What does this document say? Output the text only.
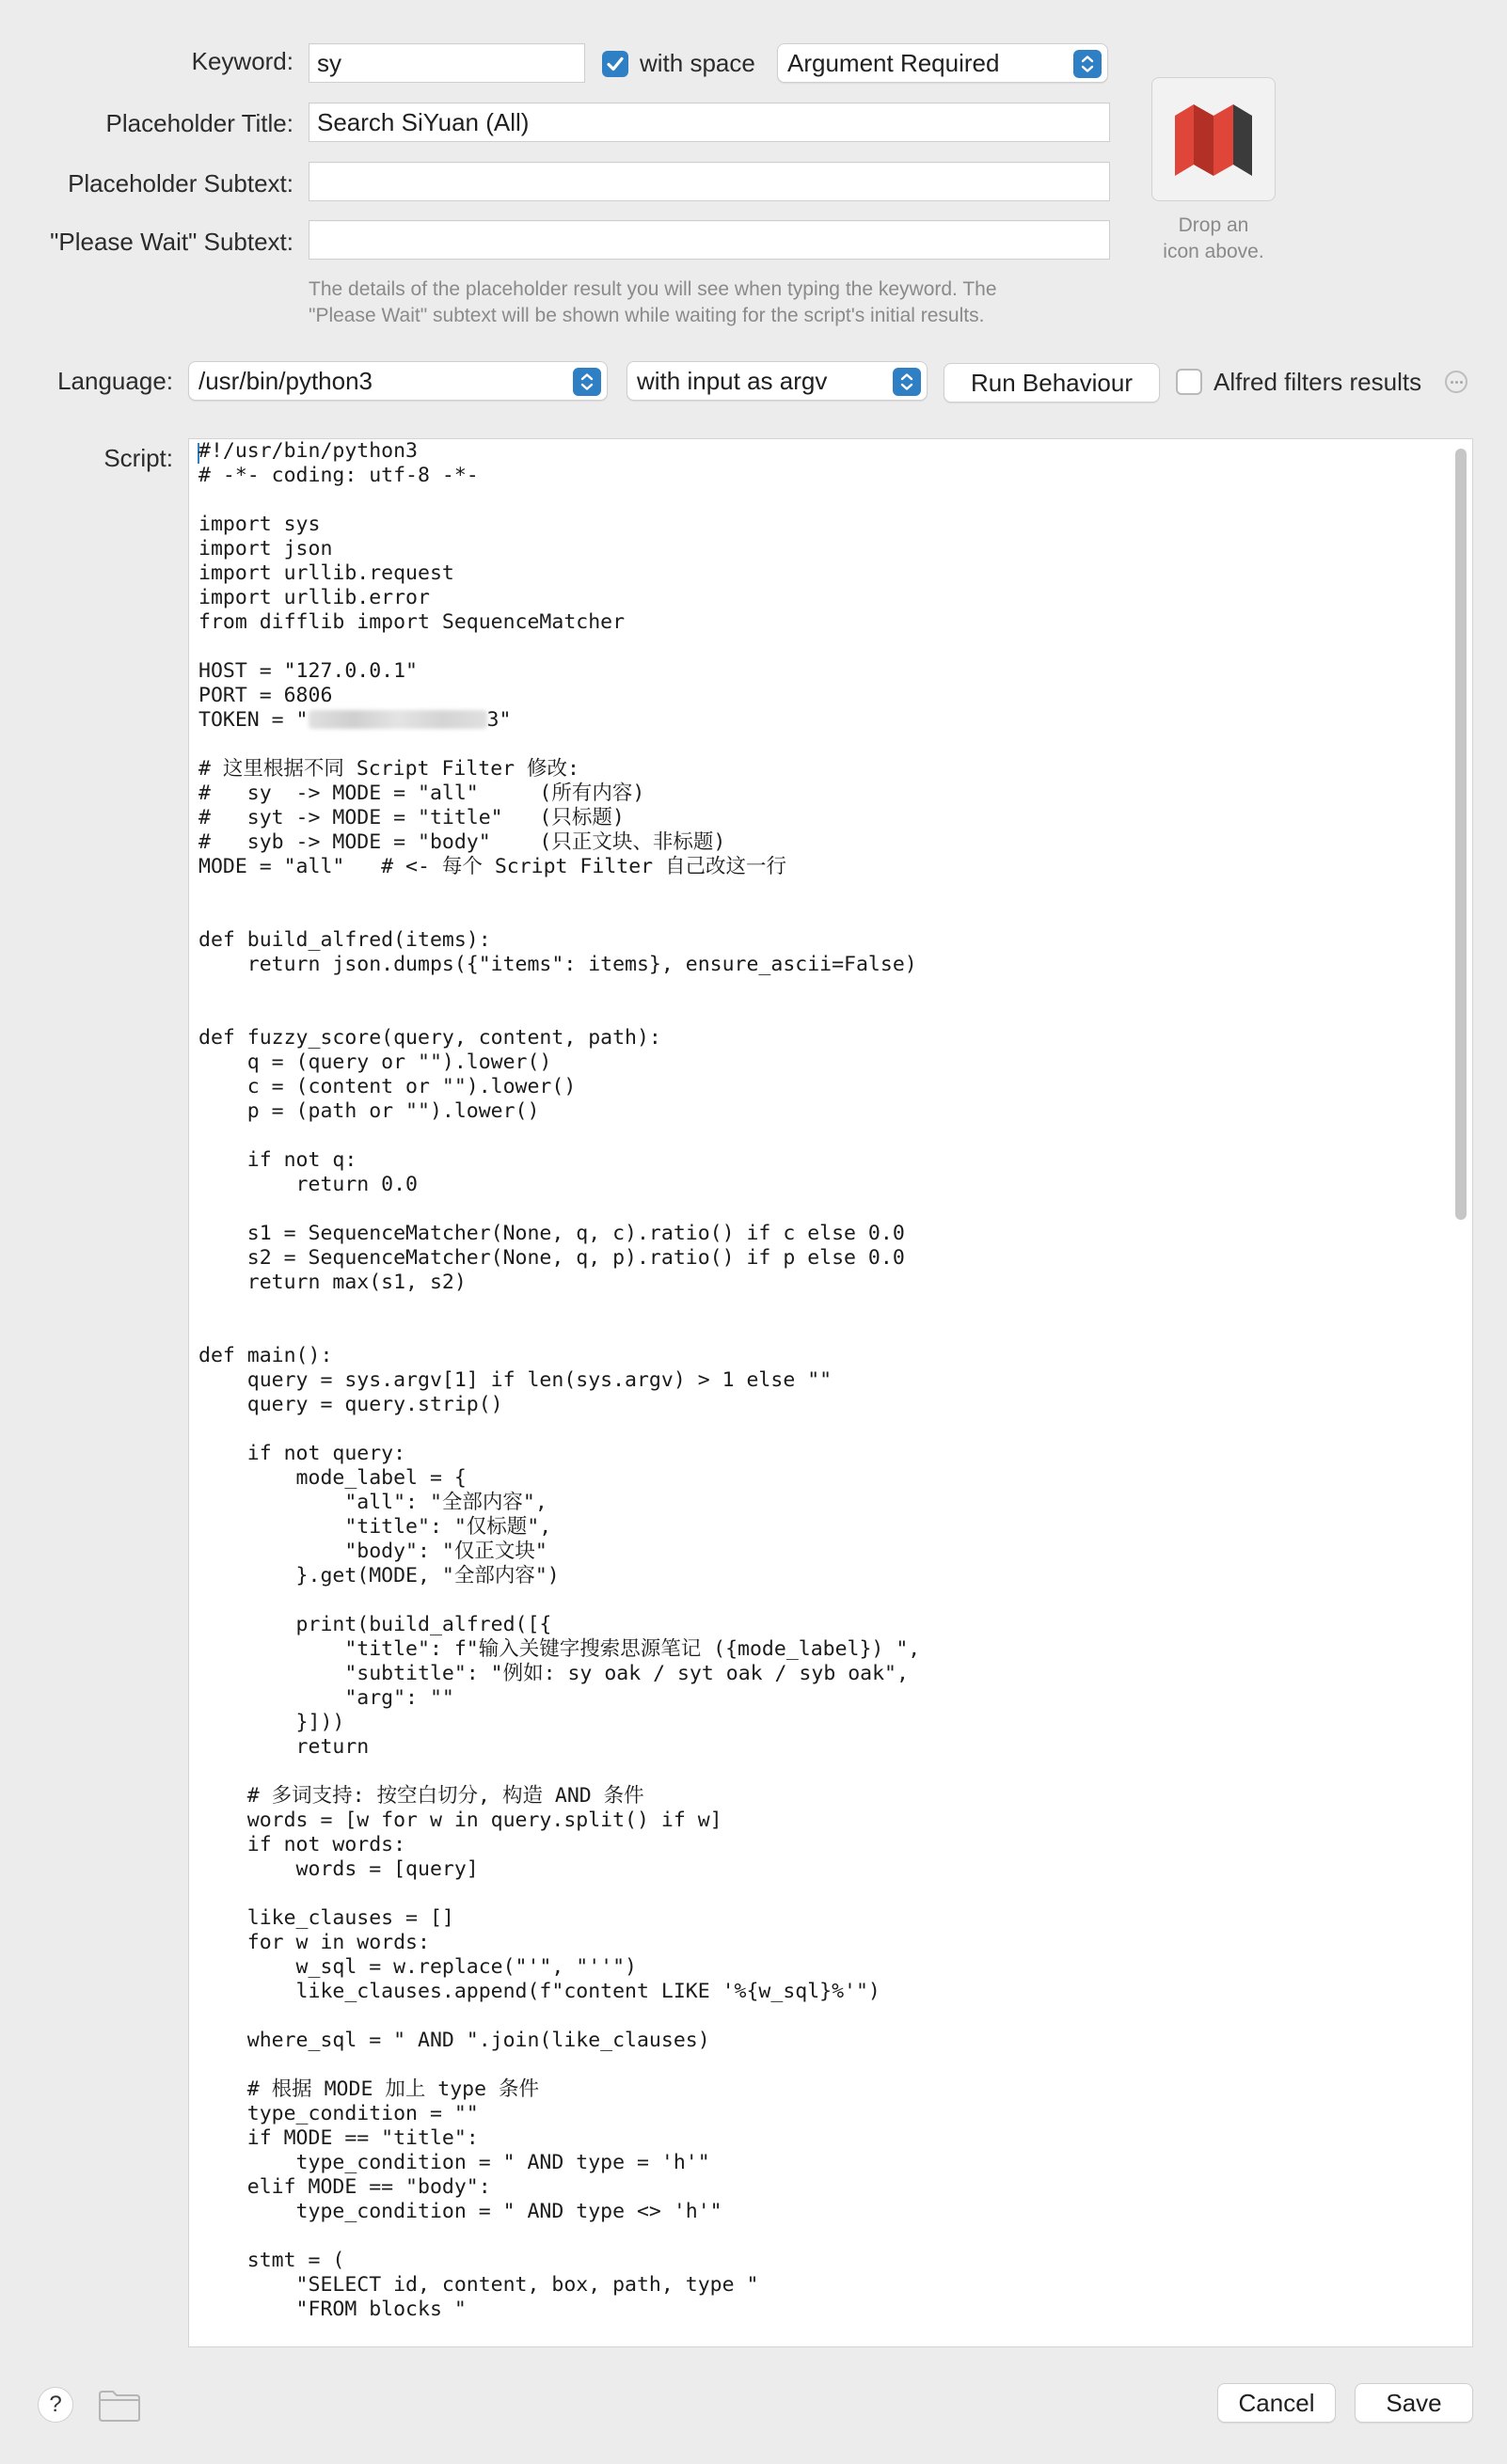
Keyword: sy	with space	Argument Required
Placeholder Title: Search SiYuan (All)
Placeholder Subtext:
"Please Wait" Subtext:
The details of the placeholder result you will see when typing the keyword. The
"Please Wait" subtext will be shown while waiting for the script's initial results.
Drop an
icon above.
Language:	/usr/bin/python3	with input as argv	Run Behaviour	Alfred filters results
Script: #!/usr/bin/python3
# -*- coding: utf-8 -*-

import sys
import json
import urllib.request
import urllib.error
from difflib import SequenceMatcher

HOST = "127.0.0.1"
PORT = 6806
TOKEN = "	3"

# 这里根据不同 Script Filter 修改:
#   sy  -> MODE = "all"     (所有内容)
#   syt -> MODE = "title"   (只标题)
#   syb -> MODE = "body"    (只正文块、非标题)
MODE = "all"   # <- 每个 Script Filter 自己改这一行

def build_alfred(items):
return json.dumps({"items": items}, ensure_ascii=False)

def fuzzy_score(query, content, path):
q = (query or "").lower()
c = (content or "").lower()
p = (path or "").lower()

if not q:
return 0.0

s1 = SequenceMatcher(None, q, c).ratio() if c else 0.0
s2 = SequenceMatcher(None, q, p).ratio() if p else 0.0
return max(s1, s2)

def main():
query = sys.argv[1] if len(sys.argv) > 1 else ""
query = query.strip()

if not query:
mode_label = {
"all": "全部内容",
"title": "仅标题",
"body": "仅正文块"
}.get(MODE, "全部内容")

print(build_alfred([{
"title": f"输入关键字搜索思源笔记 ({mode_label}) ",
"subtitle": "例如: sy oak / syt oak / syb oak",
"arg": ""
}]))
return

# 多词支持: 按空白切分, 构造 AND 条件
words = [w for w in query.split() if w]
if not words:
words = [query]

like_clauses = []
for w in words:
w_sql = w.replace("'", "''")
like_clauses.append(f"content LIKE '%{w_sql}%'")

where_sql = " AND ".join(like_clauses)

# 根据 MODE 加上 type 条件
type_condition = ""
if MODE == "title":
type_condition = " AND type = 'h'"
elif MODE == "body":
type_condition = " AND type <> 'h'"

stmt = (
"SELECT id, content, box, path, type "
"FROM blocks "
?	Cancel	Save
